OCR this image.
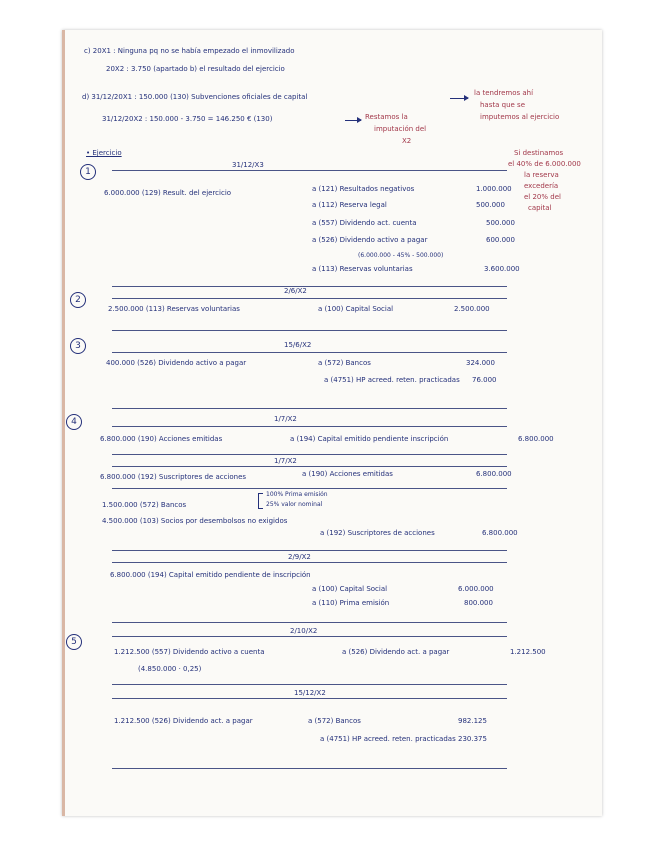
c) 20X1 : Ninguna pq no se había empezado el inmovilizado
20X2 : 3.750 (apartado b) el resultado del ejercicio
d) 31/12/20X1 : 150.000 (130) Subvenciones oficiales de capital	la tendremos ahí
hasta que se
imputemos al ejercicio
31/12/20X2 : 150.000 - 3.750 = 146.250 € (130)	Restamos la
imputación del
X2
• Ejercicio	Si destinamos
el 40% de 6.000.000
la reserva
excedería
el 20% del
capital
1
31/12/X3
6.000.000 (129) Result. del ejercicio	a (121) Resultados negativos	1.000.000
a (112) Reserva legal	500.000
a (557) Dividendo act. cuenta	500.000
a (526) Dividendo activo a pagar	600.000
(6.000.000 - 45% - 500.000)
a (113) Reservas voluntarias	3.600.000
2
2/6/X2
2.500.000 (113) Reservas voluntarias	a (100) Capital Social	2.500.000
3	15/6/X2
400.000 (526) Dividendo activo a pagar	a (572) Bancos	324.000
a (4751) HP acreed. reten. practicadas 76.000
4	1/7/X2
6.800.000 (190) Acciones emitidas	a (194) Capital emitido pendiente inscripción	6.800.000
1/7/X2
6.800.000 (192) Suscriptores de acciones	a (190) Acciones emitidas	6.800.000
1.500.000 (572) Bancos
100% Prima emisión
25% valor nominal
4.500.000 (103) Socios por desembolsos no exigidos
a (192) Suscriptores de acciones	6.800.000
2/9/X2
6.800.000 (194) Capital emitido pendiente de inscripción
a (100) Capital Social	6.000.000
a (110) Prima emisión	800.000
5
2/10/X2
1.212.500 (557) Dividendo activo a cuenta	a (526) Dividendo act. a pagar	1.212.500
(4.850.000 · 0,25)
15/12/X2
1.212.500 (526) Dividendo act. a pagar	a (572) Bancos	982.125
a (4751) HP acreed. reten. practicadas 230.375
